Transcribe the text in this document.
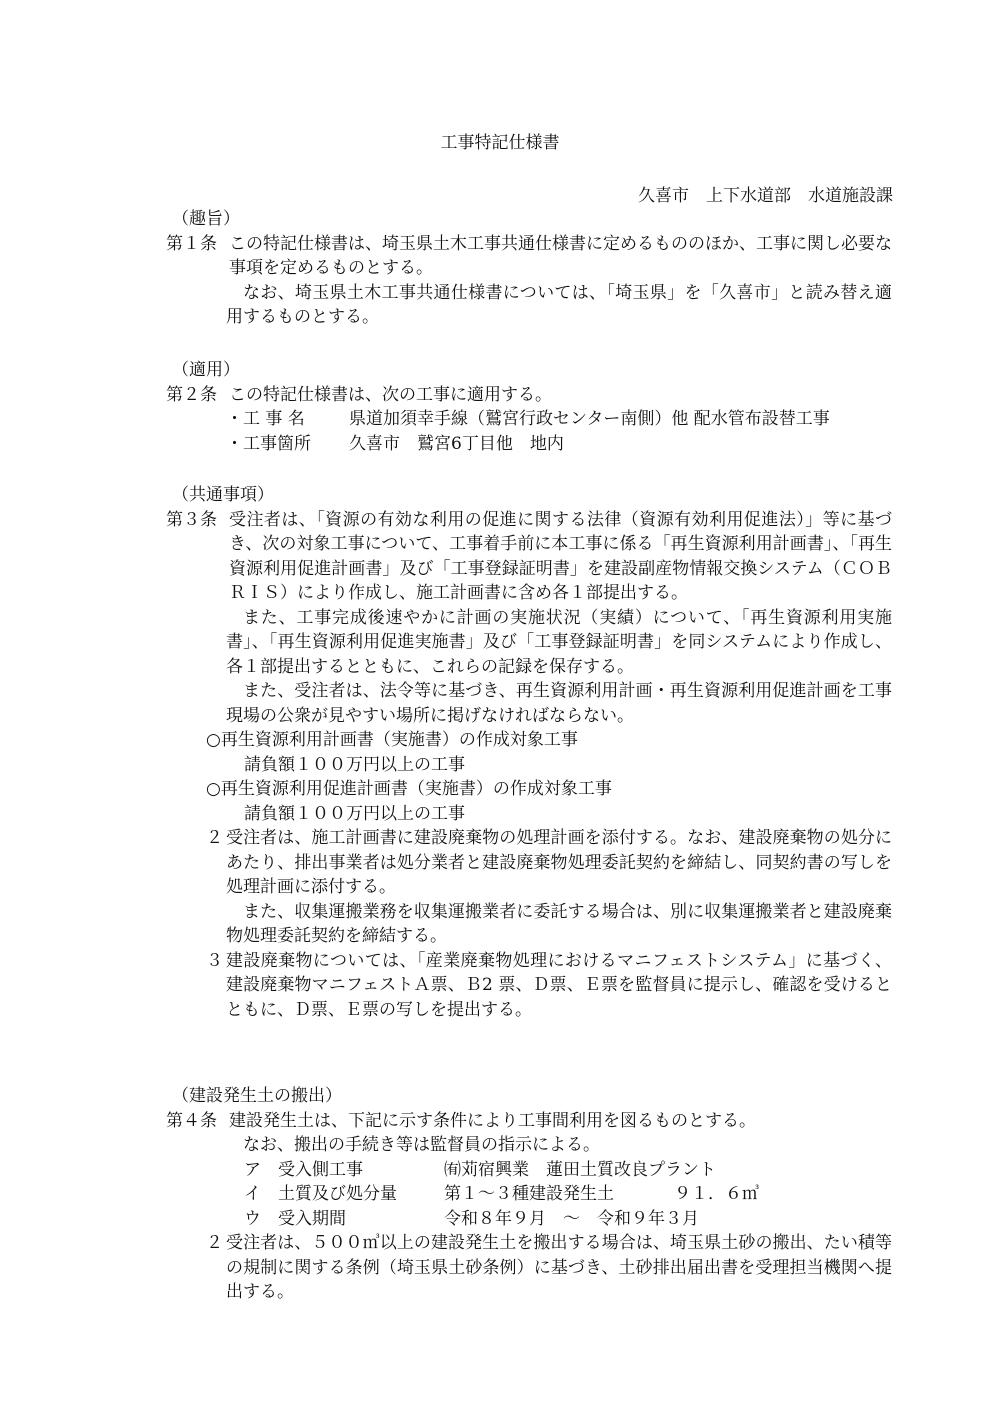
工事特記仕様書
久喜市　上下水道部　水道施設課
（趣旨）
第１条 この特記仕様書は、埼玉県土木工事共通仕様書に定めるもののほか、工事に関し必要な事項を定めるものとする。
なお、埼玉県土木工事共通仕様書については、「埼玉県」を「久喜市」と読み替え適用するものとする。
（適用）
第２条 この特記仕様書は、次の工事に適用する。
・工 事 名	県道加須幸手線（鷲宮行政センター南側）他 配水管布設替工事
・工事箇所 久喜市　鷲宮6丁目他　地内
（共通事項）
第３条 受注者は、「資源の有効な利用の促進に関する法律（資源有効利用促進法）」等に基づき、次の対象工事について、工事着手前に本工事に係る「再生資源利用計画書」、「再生資源利用促進計画書」及び「工事登録証明書」を建設副産物情報交換システム（ＣＯＢＲＩＳ）により作成し、施工計画書に含め各１部提出する。
また、工事完成後速やかに計画の実施状況（実績）について、「再生資源利用実施書」、「再生資源利用促進実施書」及び「工事登録証明書」を同システムにより作成し、各１部提出するとともに、これらの記録を保存する。
また、受注者は、法令等に基づき、再生資源利用計画・再生資源利用促進計画を工事現場の公衆が見やすい場所に掲げなければならない。
○再生資源利用計画書（実施書）の作成対象工事
請負額１００万円以上の工事
○再生資源利用促進計画書（実施書）の作成対象工事
請負額１００万円以上の工事
２ 受注者は、施工計画書に建設廃棄物の処理計画を添付する。なお、建設廃棄物の処分にあたり、排出事業者は処分業者と建設廃棄物処理委託契約を締結し、同契約書の写しを処理計画に添付する。
また、収集運搬業務を収集運搬業者に委託する場合は、別に収集運搬業者と建設廃棄物処理委託契約を締結する。
３ 建設廃棄物については、「産業廃棄物処理におけるマニフェストシステム」に基づく、建設廃棄物マニフェストＡ票、Ｂ2 票、Ｄ票、Ｅ票を監督員に提示し、確認を受けるとともに、Ｄ票、Ｅ票の写しを提出する。
（建設発生土の搬出）
第４条 建設発生土は、下記に示す条件により工事間利用を図るものとする。
なお、搬出の手続き等は監督員の指示による。
ア　受入側工事	㈲苅宿興業　蓮田土質改良プラント
イ　土質及び処分量	第１～３種建設発生土	９１．６㎥
ウ　受入期間	令和８年９月　～　令和９年３月
２ 受注者は、５００㎥以上の建設発生土を搬出する場合は、埼玉県土砂の搬出、たい積等の規制に関する条例（埼玉県土砂条例）に基づき、土砂排出届出書を受理担当機関へ提出する。
